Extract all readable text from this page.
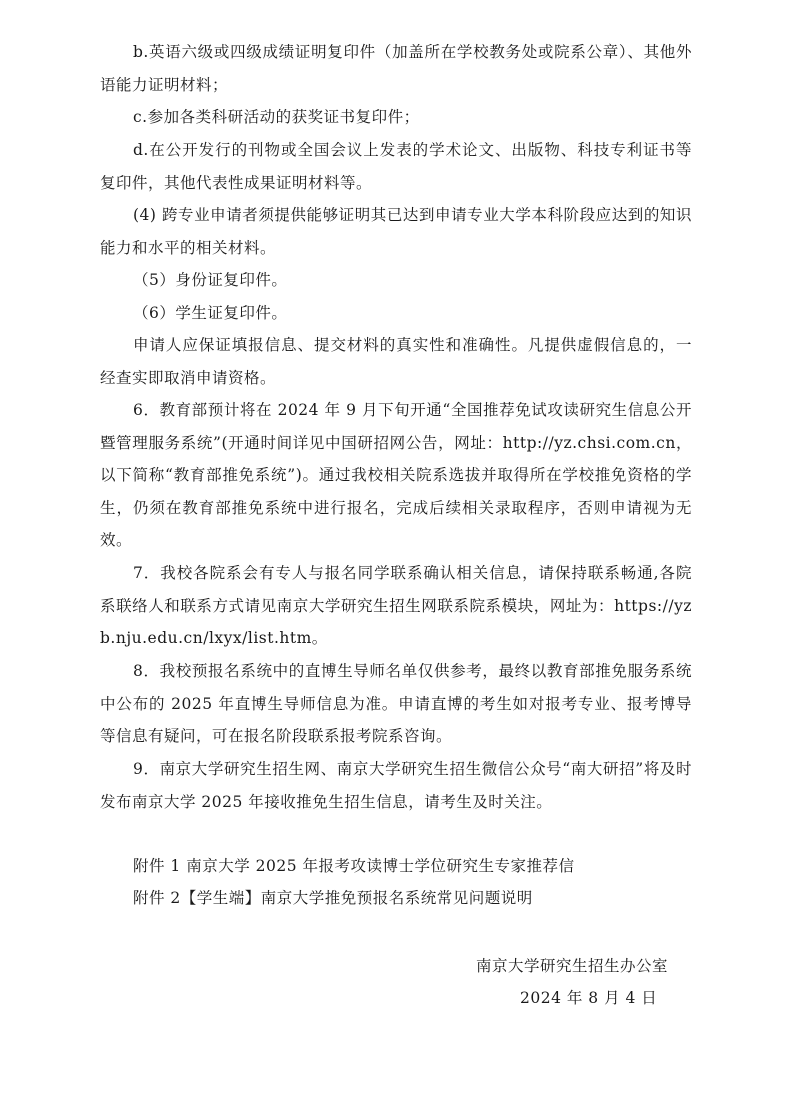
b.英语六级或四级成绩证明复印件（加盖所在学校教务处或院系公章）、其他外语能力证明材料；

c.参加各类科研活动的获奖证书复印件；

d.在公开发行的刊物或全国会议上发表的学术论文、出版物、科技专利证书等复印件，其他代表性成果证明材料等。

(4) 跨专业申请者须提供能够证明其已达到申请专业大学本科阶段应达到的知识能力和水平的相关材料。

（5）身份证复印件。

（6）学生证复印件。

申请人应保证填报信息、提交材料的真实性和准确性。凡提供虚假信息的，一经查实即取消申请资格。

6．教育部预计将在 2024 年 9 月下旬开通“全国推荐免试攻读研究生信息公开暨管理服务系统”(开通时间详见中国研招网公告，网址：http://yz.chsi.com.cn，以下简称“教育部推免系统”)。通过我校相关院系选拔并取得所在学校推免资格的学生，仍须在教育部推免系统中进行报名，完成后续相关录取程序，否则申请视为无效。

7．我校各院系会有专人与报名同学联系确认相关信息，请保持联系畅通,各院系联络人和联系方式请见南京大学研究生招生网联系院系模块，网址为：https://yzb.nju.edu.cn/lxyx/list.htm。

8．我校预报名系统中的直博生导师名单仅供参考，最终以教育部推免服务系统中公布的 2025 年直博生导师信息为准。申请直博的考生如对报考专业、报考博导等信息有疑问，可在报名阶段联系报考院系咨询。

9．南京大学研究生招生网、南京大学研究生招生微信公众号“南大研招”将及时发布南京大学 2025 年接收推免生招生信息，请考生及时关注。

附件 1 南京大学 2025 年报考攻读博士学位研究生专家推荐信

附件 2【学生端】南京大学推免预报名系统常见问题说明

南京大学研究生招生办公室

2024 年 8 月 4 日
